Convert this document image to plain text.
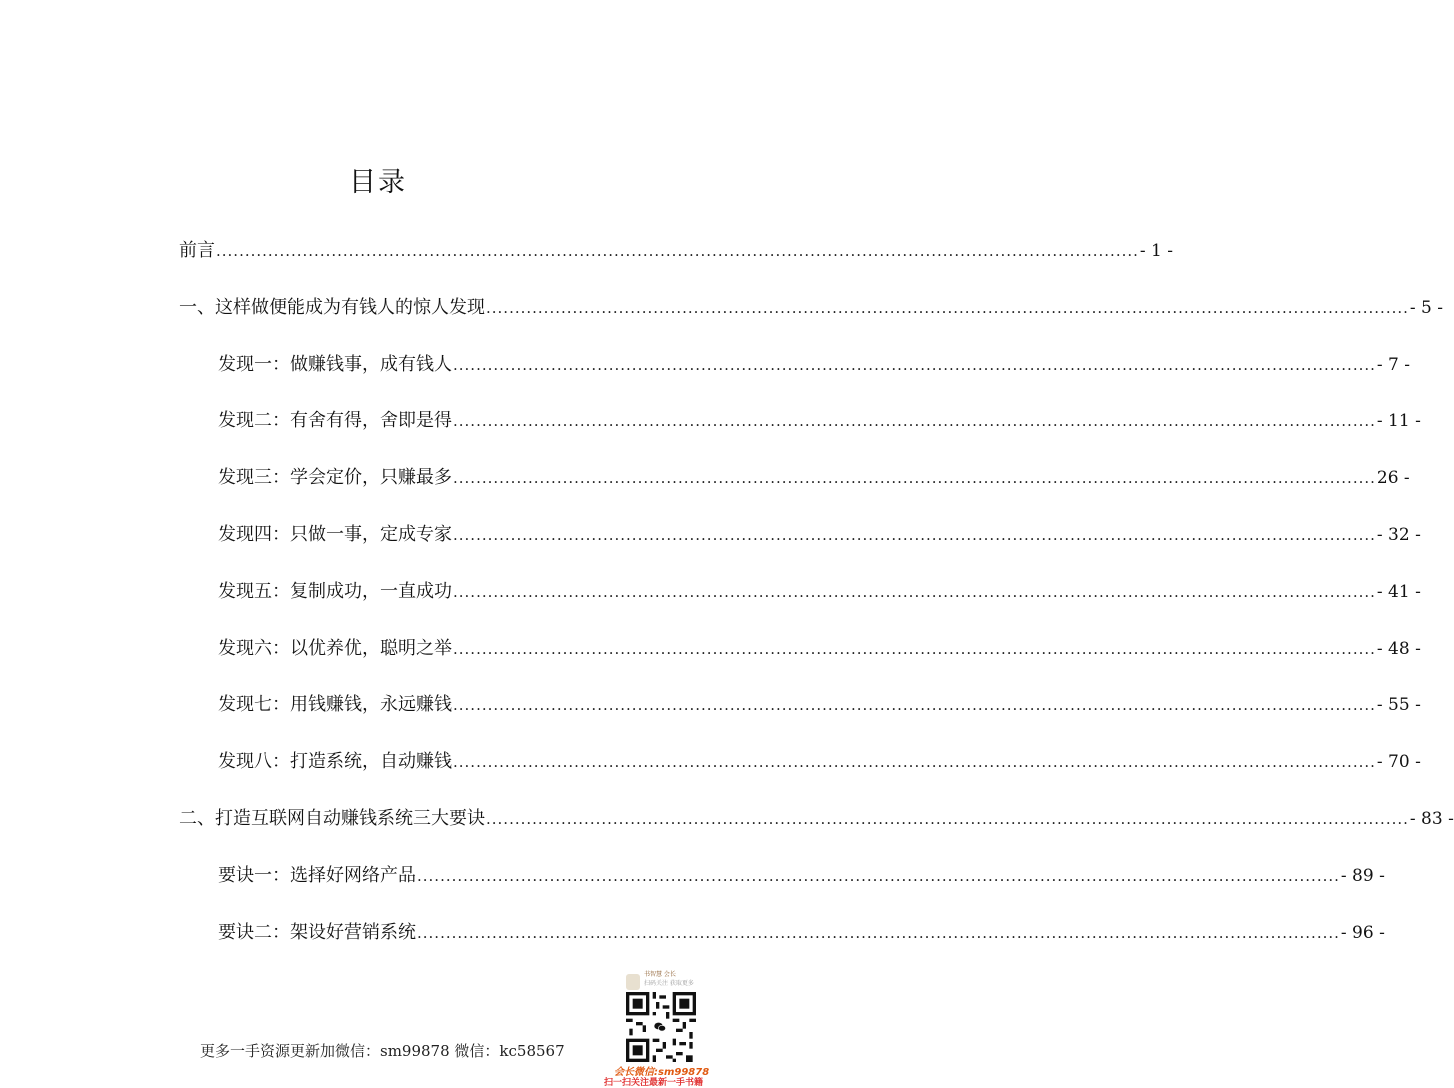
目录
前言 ................................................................................................................................................................ - 1 -
一、这样做便能成为有钱人的惊人发现 ................................................................................................................................................................ - 5 -
发现一：做赚钱事，成有钱人 ................................................................................................................................................................ - 7 -
发现二：有舍有得，舍即是得 ................................................................................................................................................................ - 11 -
发现三：学会定价，只赚最多 ................................................................................................................................................................ 26 -
发现四：只做一事，定成专家 ................................................................................................................................................................ - 32 -
发现五：复制成功，一直成功 ................................................................................................................................................................ - 41 -
发现六：以优养优，聪明之举 ................................................................................................................................................................ - 48 -
发现七：用钱赚钱，永远赚钱 ................................................................................................................................................................ - 55 -
发现八：打造系统，自动赚钱 ................................................................................................................................................................ - 70 -
二、打造互联网自动赚钱系统三大要诀 ................................................................................................................................................................ - 83 -
要诀一：选择好网络产品 ................................................................................................................................................................ - 89 -
要诀二：架设好营销系统 ................................................................................................................................................................ - 96 -
更多一手资源更新加微信：sm99878 微信：kc58567
书智慧 会长
扫码关注 获取更多
会长微信:sm99878
扫一扫关注最新一手书籍
